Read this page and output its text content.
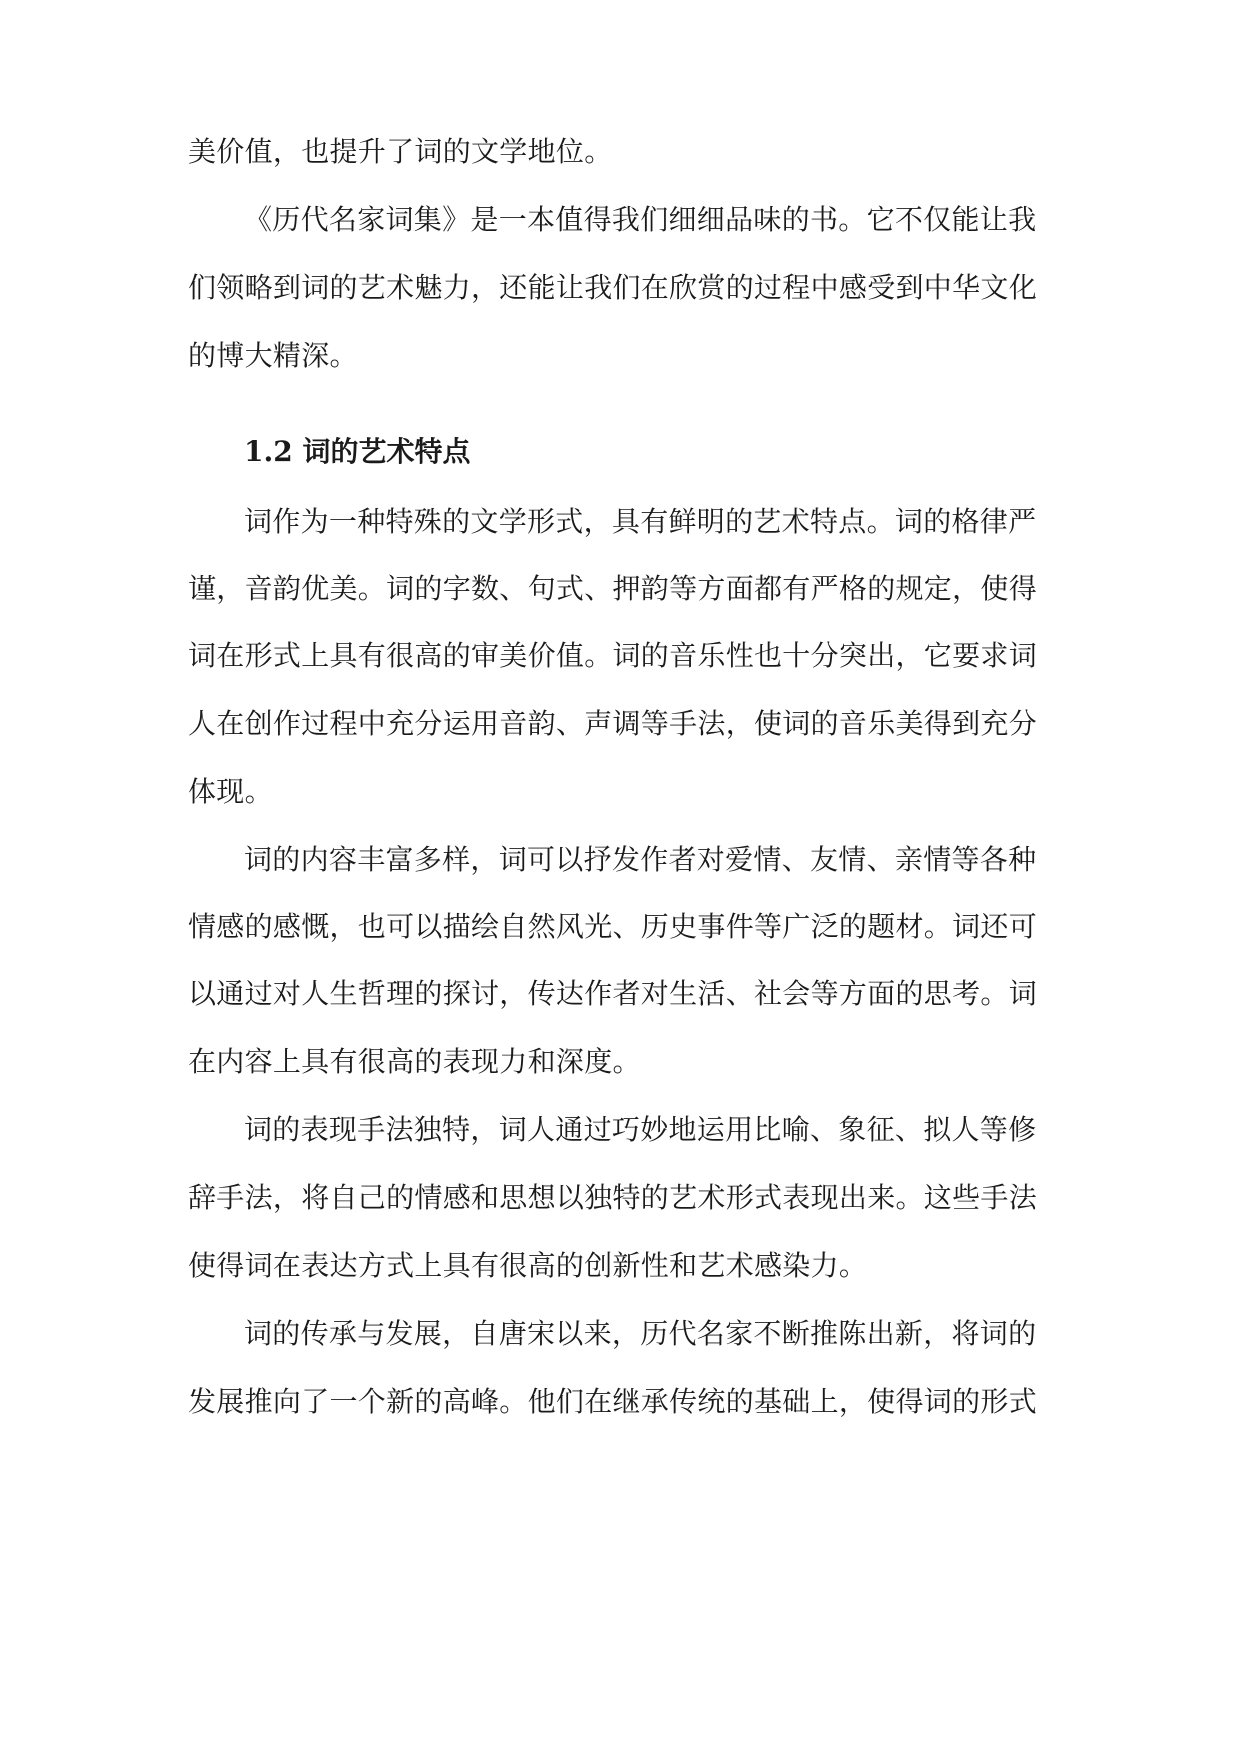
美价值，也提升了词的文学地位。
《历代名家词集》是一本值得我们细细品味的书。它不仅能让我
们领略到词的艺术魅力，还能让我们在欣赏的过程中感受到中华文化
的博大精深。
1.2 词的艺术特点
词作为一种特殊的文学形式，具有鲜明的艺术特点。词的格律严
谨，音韵优美。词的字数、句式、押韵等方面都有严格的规定，使得
词在形式上具有很高的审美价值。词的音乐性也十分突出，它要求词
人在创作过程中充分运用音韵、声调等手法，使词的音乐美得到充分
体现。
词的内容丰富多样，词可以抒发作者对爱情、友情、亲情等各种
情感的感慨，也可以描绘自然风光、历史事件等广泛的题材。词还可
以通过对人生哲理的探讨，传达作者对生活、社会等方面的思考。词
在内容上具有很高的表现力和深度。
词的表现手法独特，词人通过巧妙地运用比喻、象征、拟人等修
辞手法，将自己的情感和思想以独特的艺术形式表现出来。这些手法
使得词在表达方式上具有很高的创新性和艺术感染力。
词的传承与发展，自唐宋以来，历代名家不断推陈出新，将词的
发展推向了一个新的高峰。他们在继承传统的基础上，使得词的形式
